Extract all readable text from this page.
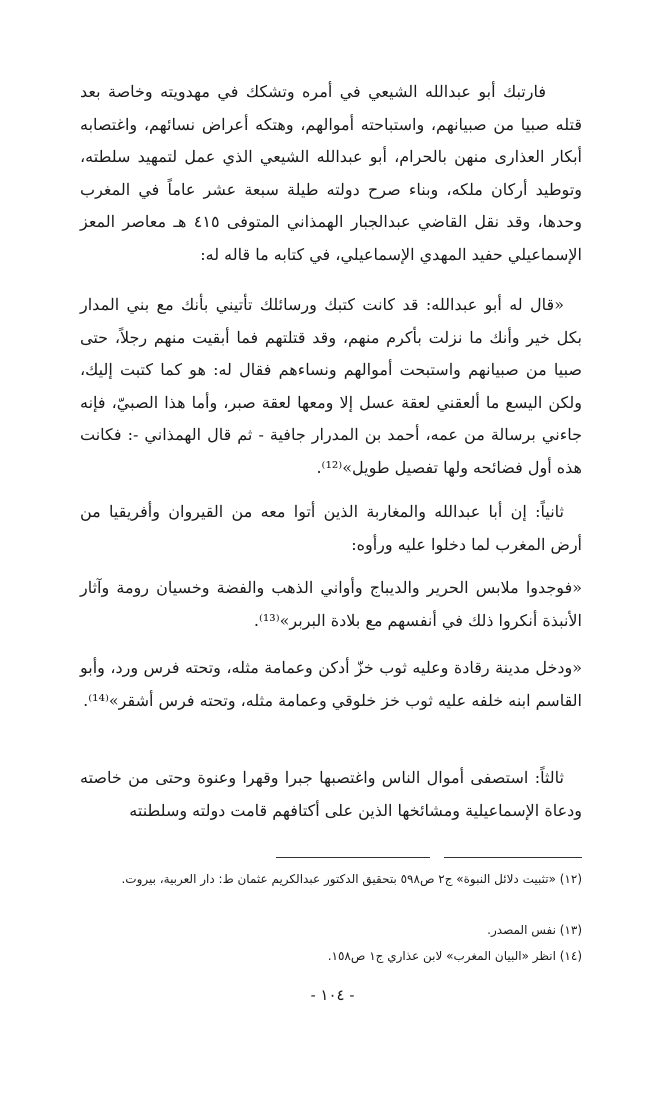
فارتبك أبو عبدالله الشيعي في أمره وتشكك في مهدويته وخاصة بعد قتله صبيا من صبيانهم، واستباحته أموالهم، وهتكه أعراض نسائهم، واغتصابه أبكار العذارى منهن بالحرام، أبو عبدالله الشيعي الذي عمل لتمهيد سلطته، وتوطيد أركان ملكه، وبناء صرح دولته طيلة سبعة عشر عاماً في المغرب وحدها، وقد نقل القاضي عبدالجبار الهمذاني المتوفى ٤١٥ هـ معاصر المعز الإسماعيلي حفيد المهدي الإسماعيلي، في كتابه ما قاله له:

«قال له أبو عبدالله: قد كانت كتبك ورسائلك تأتيني بأنك مع بني المدار بكل خير وأنك ما نزلت بأكرم منهم، وقد قتلتهم فما أبقيت منهم رجلاً، حتى صبيا من صبيانهم واستبحت أموالهم ونساءهم فقال له: هو كما كتبت إليك، ولكن اليسع ما ألعقني لعقة عسل إلا ومعها لعقة صبر، وأما هذا الصبيّ، فإنه جاءني برسالة من عمه، أحمد بن المدرار جافية - ثم قال الهمذاني -: فكانت هذه أول فضائحه ولها تفصيل طويل»⁽¹²⁾.

ثانياً: إن أبا عبدالله والمغاربة الذين أتوا معه من القيروان وأفريقيا من أرض المغرب لما دخلوا عليه ورأوه:

«فوجدوا ملابس الحرير والديباج وأواني الذهب والفضة وخسيان رومة وآثار الأنبذة أنكروا ذلك في أنفسهم مع بلادة البربر»⁽¹³⁾.

«ودخل مدينة رقادة وعليه ثوب خزّ أدكن وعمامة مثله، وتحته فرس ورد، وأبو القاسم ابنه خلفه عليه ثوب خز خلوقي وعمامة مثله، وتحته فرس أشقر»⁽¹⁴⁾.

ثالثاً: استصفى أموال الناس واغتصبها جبرا وقهرا وعنوة وحتى من خاصته ودعاة الإسماعيلية ومشائخها الذين على أكتافهم قامت دولته وسلطنته

(١٢) «تثبيت دلائل النبوة» ج٢ ص٥٩٨ بتحقيق الدكتور عبدالكريم عثمان ط: دار العربية، بيروت.

(١٣) نفس المصدر.

(١٤) انظر «البيان المغرب» لابن عذاري ج١ ص١٥٨.

- ١٠٤ -
